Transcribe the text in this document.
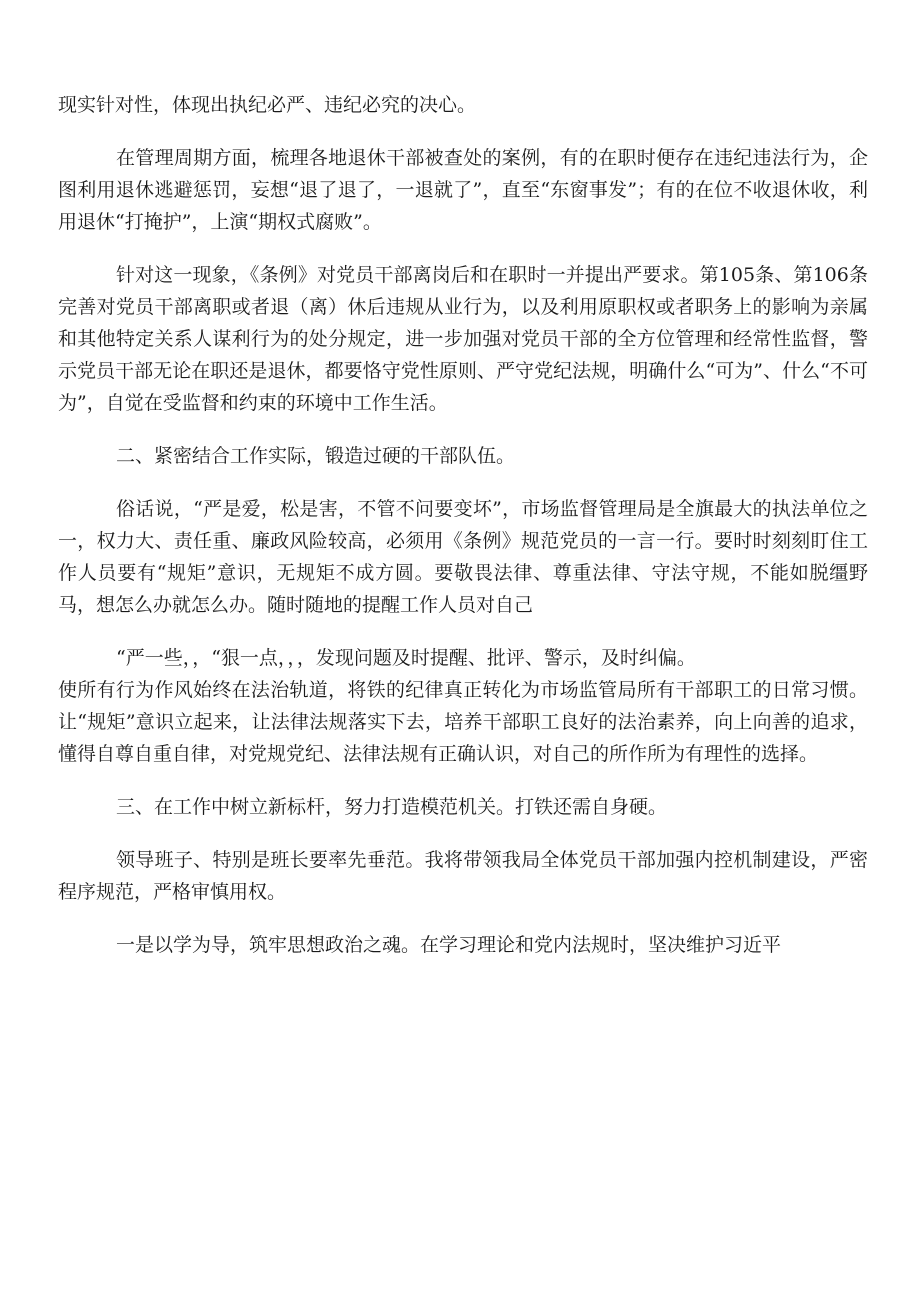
现实针对性，体现出执纪必严、违纪必究的决心。

在管理周期方面，梳理各地退休干部被查处的案例，有的在职时便存在违纪违法行为，企图利用退休逃避惩罚，妄想“退了退了，一退就了”，直至“东窗事发”；有的在位不收退休收，利用退休“打掩护”，上演“期权式腐败”。

针对这一现象，《条例》对党员干部离岗后和在职时一并提出严要求。第105条、第106条完善对党员干部离职或者退（离）休后违规从业行为，以及利用原职权或者职务上的影响为亲属和其他特定关系人谋利行为的处分规定，进一步加强对党员干部的全方位管理和经常性监督，警示党员干部无论在职还是退休，都要恪守党性原则、严守党纪法规，明确什么“可为”、什么“不可为”，自觉在受监督和约束的环境中工作生活。

二、紧密结合工作实际，锻造过硬的干部队伍。

俗话说，“严是爱，松是害，不管不问要变坏”，市场监督管理局是全旗最大的执法单位之一，权力大、责任重、廉政风险较高，必须用《条例》规范党员的一言一行。要时时刻刻盯住工作人员要有“规矩”意识，无规矩不成方圆。要敬畏法律、尊重法律、守法守规，不能如脱缰野马，想怎么办就怎么办。随时随地的提醒工作人员对自己

“严一些，，“狠一点，，，发现问题及时提醒、批评、警示，及时纠偏。

使所有行为作风始终在法治轨道，将铁的纪律真正转化为市场监管局所有干部职工的日常习惯。让“规矩”意识立起来，让法律法规落实下去，培养干部职工良好的法治素养，向上向善的追求，懂得自尊自重自律，对党规党纪、法律法规有正确认识，对自己的所作所为有理性的选择。

三、在工作中树立新标杆，努力打造模范机关。打铁还需自身硬。

领导班子、特别是班长要率先垂范。我将带领我局全体党员干部加强内控机制建设，严密程序规范，严格审慎用权。

一是以学为导，筑牢思想政治之魂。在学习理论和党内法规时，坚决维护习近平
